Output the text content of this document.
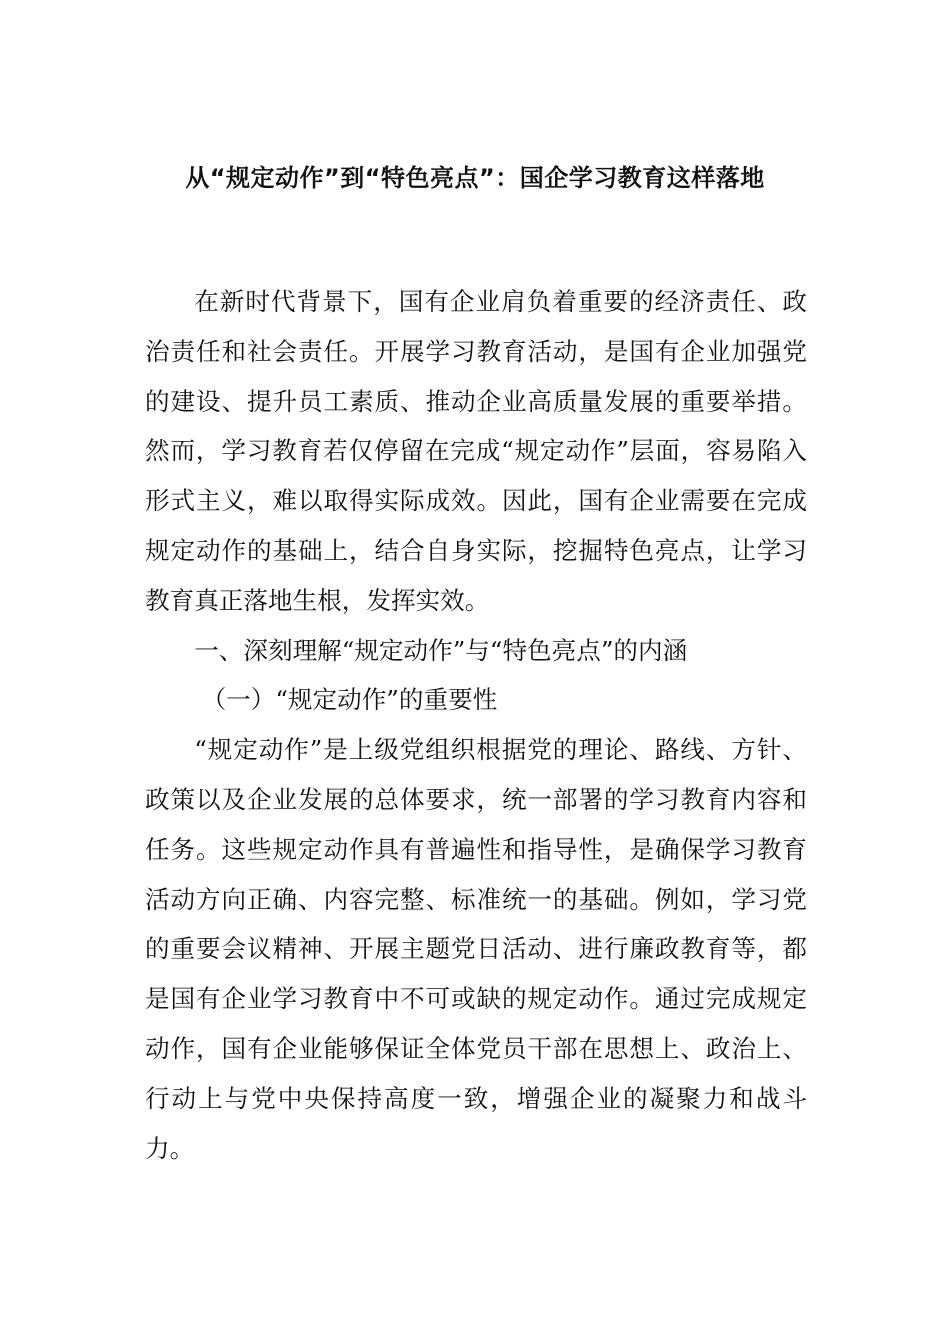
从“规定动作”到“特色亮点”：国企学习教育这样落地

在新时代背景下，国有企业肩负着重要的经济责任、政治责任和社会责任。开展学习教育活动，是国有企业加强党的建设、提升员工素质、推动企业高质量发展的重要举措。然而，学习教育若仅停留在完成“规定动作”层面，容易陷入形式主义，难以取得实际成效。因此，国有企业需要在完成规定动作的基础上，结合自身实际，挖掘特色亮点，让学习教育真正落地生根，发挥实效。

一、深刻理解“规定动作”与“特色亮点”的内涵

（一）“规定动作”的重要性

“规定动作”是上级党组织根据党的理论、路线、方针、政策以及企业发展的总体要求，统一部署的学习教育内容和任务。这些规定动作具有普遍性和指导性，是确保学习教育活动方向正确、内容完整、标准统一的基础。例如，学习党的重要会议精神、开展主题党日活动、进行廉政教育等，都是国有企业学习教育中不可或缺的规定动作。通过完成规定动作，国有企业能够保证全体党员干部在思想上、政治上、行动上与党中央保持高度一致，增强企业的凝聚力和战斗力。
